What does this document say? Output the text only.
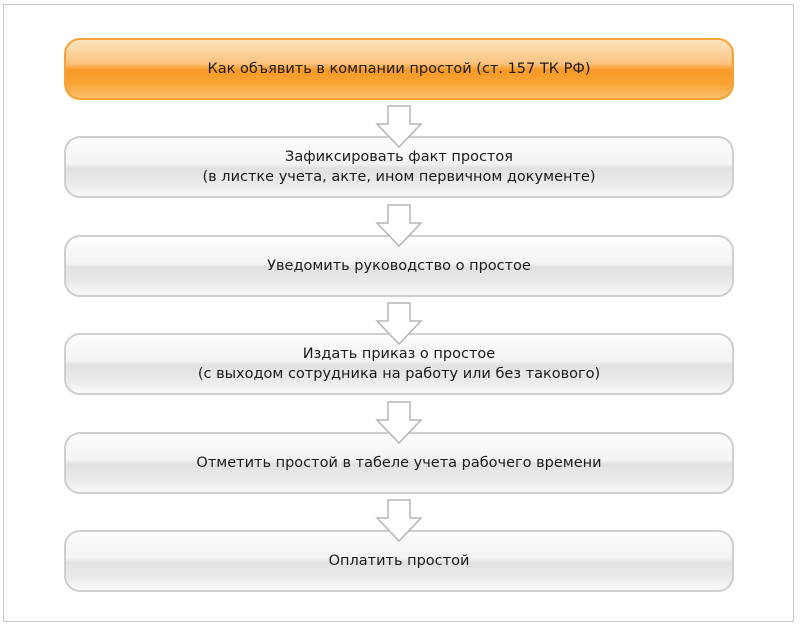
Как объявить в компании простой (ст. 157 ТК РФ)
Зафиксировать факт простоя
(в листке учета, акте, ином первичном документе)
Уведомить руководство о простое
Издать приказ о простое
(с выходом сотрудника на работу или без такового)
Отметить простой в табеле учета рабочего времени
Оплатить простой
